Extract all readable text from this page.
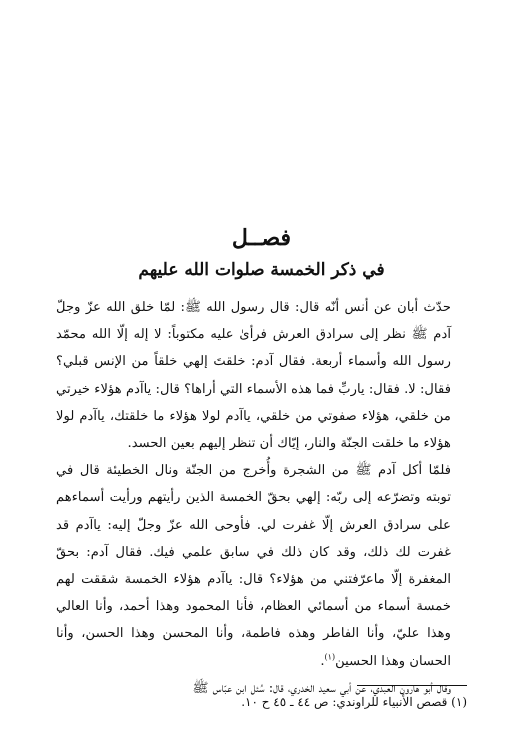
فصــل
في ذكر الخمسة صلوات الله عليهم

حدّث أبان عن أنس أنّه قال: قال رسول الله ﷺ: لمّا خلق الله عزّ وجلّ آدم ﷺ نظر إلى سرادق العرش فرأىٰ عليه مكتوباً: لا إله إلّا الله محمّد رسول الله وأسماء أربعة. فقال آدم: خلقتَ إلهي خلقاً من الإنس قبلي؟ فقال: لا. فقال: ياربِّ فما هذه الأسماء التي أراها؟ قال: ياآدم هؤلاء خيرتي من خلقي، هؤلاء صفوتي من خلقي، ياآدم لولا هؤلاء ما خلقتك، ياآدم لولا هؤلاء ما خلقت الجنّة والنار، إيّاك أن تنظر إليهم بعين الحسد.

فلمّا أكل آدم ﷺ من الشجرة وأُخرج من الجنّة ونال الخطيئة قال في توبته وتضرّعه إلى ربّه: إلهي بحقّ الخمسة الذين رأيتهم ورأيت أسماءهم على سرادق العرش إلّا غفرت لي. فأوحى الله عزّ وجلّ إليه: ياآدم قد غفرت لك ذلك، وقد كان ذلك في سابق علمي فيك. فقال آدم: بحقّ المغفرة إلّا ماعرّفتني من هؤلاء؟ قال: ياآدم هؤلاء الخمسة شققت لهم خمسة أسماء من أسمائي العظام، فأنا المحمود وهذا أحمد، وأنا العالي وهذا عليّ، وأنا الفاطر وهذه فاطمة، وأنا المحسن وهذا الحسن، وأنا الحسان وهذا الحسين$^{(١)}$.

وقال أبو هارون العبدي، عن أبي سعيد الخدري، قال: سُئل ابن عبّاس ﷺ

(١) قصص الأنبياء للراوندي: ص ٤٤ ـ ٤٥ ح ١٠.
